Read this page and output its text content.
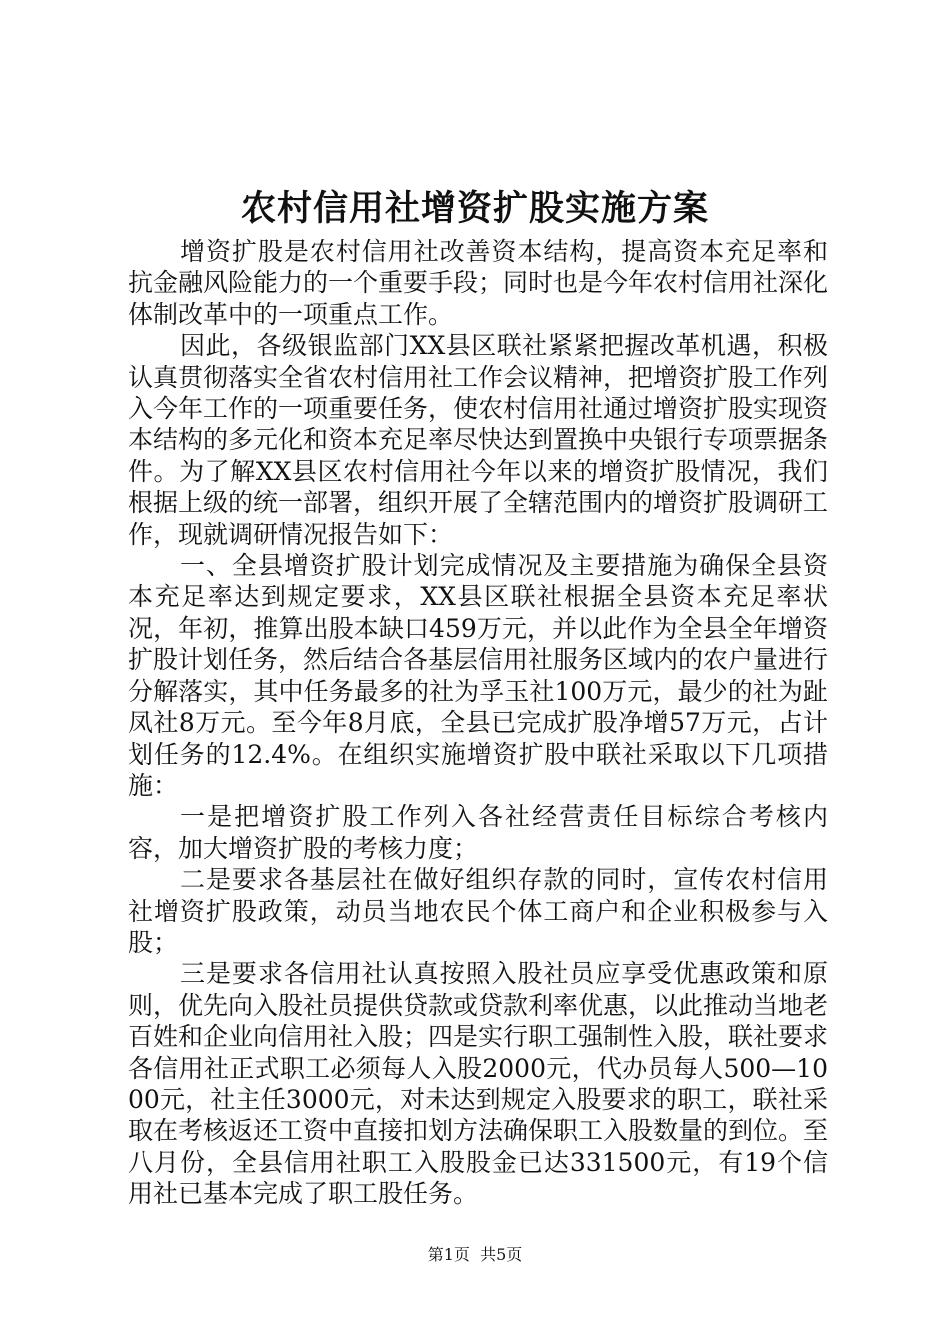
农村信用社增资扩股实施方案

增资扩股是农村信用社改善资本结构，提高资本充足率和抗金融风险能力的一个重要手段；同时也是今年农村信用社深化体制改革中的一项重点工作。

因此，各级银监部门XX县区联社紧紧把握改革机遇，积极认真贯彻落实全省农村信用社工作会议精神，把增资扩股工作列入今年工作的一项重要任务，使农村信用社通过增资扩股实现资本结构的多元化和资本充足率尽快达到置换中央银行专项票据条件。为了解XX县区农村信用社今年以来的增资扩股情况，我们根据上级的统一部署，组织开展了全辖范围内的增资扩股调研工作，现就调研情况报告如下：

一、全县增资扩股计划完成情况及主要措施为确保全县资本充足率达到规定要求，XX县区联社根据全县资本充足率状况，年初，推算出股本缺口459万元，并以此作为全县全年增资扩股计划任务，然后结合各基层信用社服务区域内的农户量进行分解落实，其中任务最多的社为孚玉社100万元，最少的社为趾凤社8万元。至今年8月底，全县已完成扩股净增57万元，占计划任务的12.4%。在组织实施增资扩股中联社采取以下几项措施：

一是把增资扩股工作列入各社经营责任目标综合考核内容，加大增资扩股的考核力度；

二是要求各基层社在做好组织存款的同时，宣传农村信用社增资扩股政策，动员当地农民个体工商户和企业积极参与入股；

三是要求各信用社认真按照入股社员应享受优惠政策和原则，优先向入股社员提供贷款或贷款利率优惠，以此推动当地老百姓和企业向信用社入股；四是实行职工强制性入股，联社要求各信用社正式职工必须每人入股2000元，代办员每人500—1000元，社主任3000元，对未达到规定入股要求的职工，联社采取在考核返还工资中直接扣划方法确保职工入股数量的到位。至八月份，全县信用社职工入股股金已达331500元，有19个信用社已基本完成了职工股任务。

第1页 共5页
